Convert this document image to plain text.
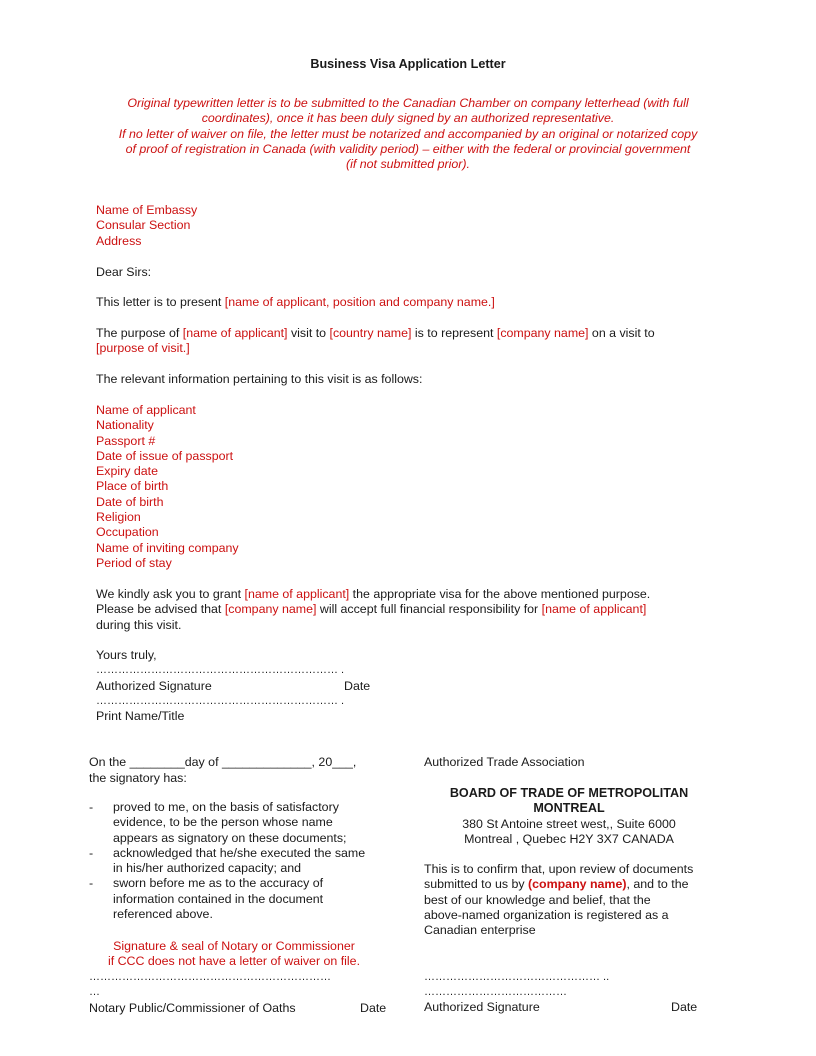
Business Visa Application Letter
Original typewritten letter is to be submitted to the Canadian Chamber on company letterhead (with full
coordinates), once it has been duly signed by an authorized representative.
If no letter of waiver on file, the letter must be notarized and accompanied by an original or notarized copy
of proof of registration in Canada (with validity period) – either with the federal or provincial government
(if not submitted prior).
Name of Embassy
Consular Section
Address
Dear Sirs:
This letter is to present [name of applicant, position and company name.]
The purpose of [name of applicant] visit to [country name] is to represent [company name] on a visit to
[purpose of visit.]
The relevant information pertaining to this visit is as follows:
Name of applicant
Nationality
Passport #
Date of issue of passport
Expiry date
Place of birth
Date of birth
Religion
Occupation
Name of inviting company
Period of stay
We kindly ask you to grant [name of applicant] the appropriate visa for the above mentioned purpose.
Please be advised that [company name] will accept full financial responsibility for [name of applicant]
during this visit.
Yours truly,
………………………………………………………… .
Authorized Signature	Date
………………………………………………………… .
Print Name/Title
On the ________day of _____________, 20___,
the signatory has:
- proved to me, on the basis of satisfactory
evidence, to be the person whose name
appears as signatory on these documents;
- acknowledged that he/she executed the same
in his/her authorized capacity; and
- sworn before me as to the accuracy of
information contained in the document
referenced above.
Signature & seal of Notary or Commissioner
if CCC does not have a letter of waiver on file.
…………………………………………………………
…
Notary Public/Commissioner of Oaths	Date
Authorized Trade Association
BOARD OF TRADE OF METROPOLITAN
MONTREAL
380 St Antoine street west,, Suite 6000
Montreal , Quebec H2Y 3X7 CANADA
This is to confirm that, upon review of documents
submitted to us by (company name), and to the
best of our knowledge and belief, that the
above-named organization is registered as a
Canadian enterprise
………………………………………… ..
…………………………………
Authorized Signature	Date
